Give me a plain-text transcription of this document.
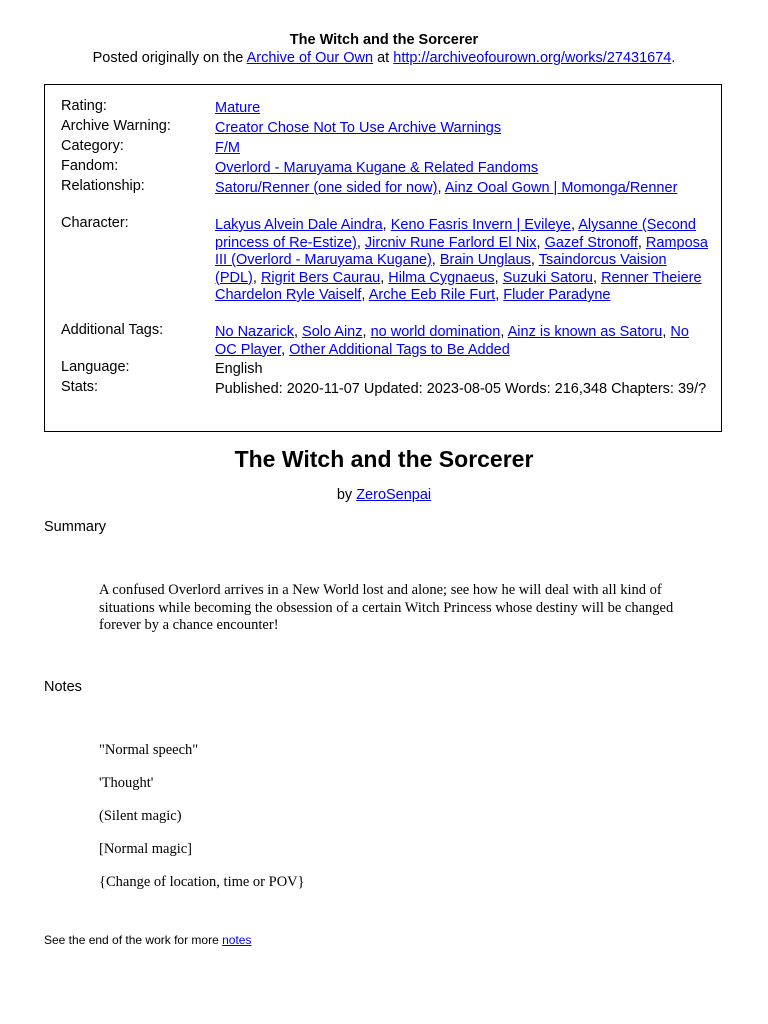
The Witch and the Sorcerer
Posted originally on the Archive of Our Own at http://archiveofourown.org/works/27431674.
Rating:	Mature
Archive Warning:	Creator Chose Not To Use Archive Warnings
Category:	F/M
Fandom:	Overlord - Maruyama Kugane & Related Fandoms
Relationship:	Satoru/Renner (one sided for now), Ainz Ooal Gown | Momonga/Renner
Character:	Lakyus Alvein Dale Aindra, Keno Fasris Invern | Evileye, Alysanne (Second princess of Re-Estize), Jircniv Rune Farlord El Nix, Gazef Stronoff, Ramposa III (Overlord - Maruyama Kugane), Brain Unglaus, Tsaindorcus Vaision (PDL), Rigrit Bers Caurau, Hilma Cygnaeus, Suzuki Satoru, Renner Theiere Chardelon Ryle Vaiself, Arche Eeb Rile Furt, Fluder Paradyne
Additional Tags:	No Nazarick, Solo Ainz, no world domination, Ainz is known as Satoru, No OC Player, Other Additional Tags to Be Added
Language:	English
Stats:	Published: 2020-11-07 Updated: 2023-08-05 Words: 216,348 Chapters: 39/?
The Witch and the Sorcerer
by ZeroSenpai
Summary
A confused Overlord arrives in a New World lost and alone; see how he will deal with all kind of situations while becoming the obsession of a certain Witch Princess whose destiny will be changed forever by a chance encounter!
Notes
"Normal speech"
'Thought'
(Silent magic)
[Normal magic]
{Change of location, time or POV}
See the end of the work for more notes
